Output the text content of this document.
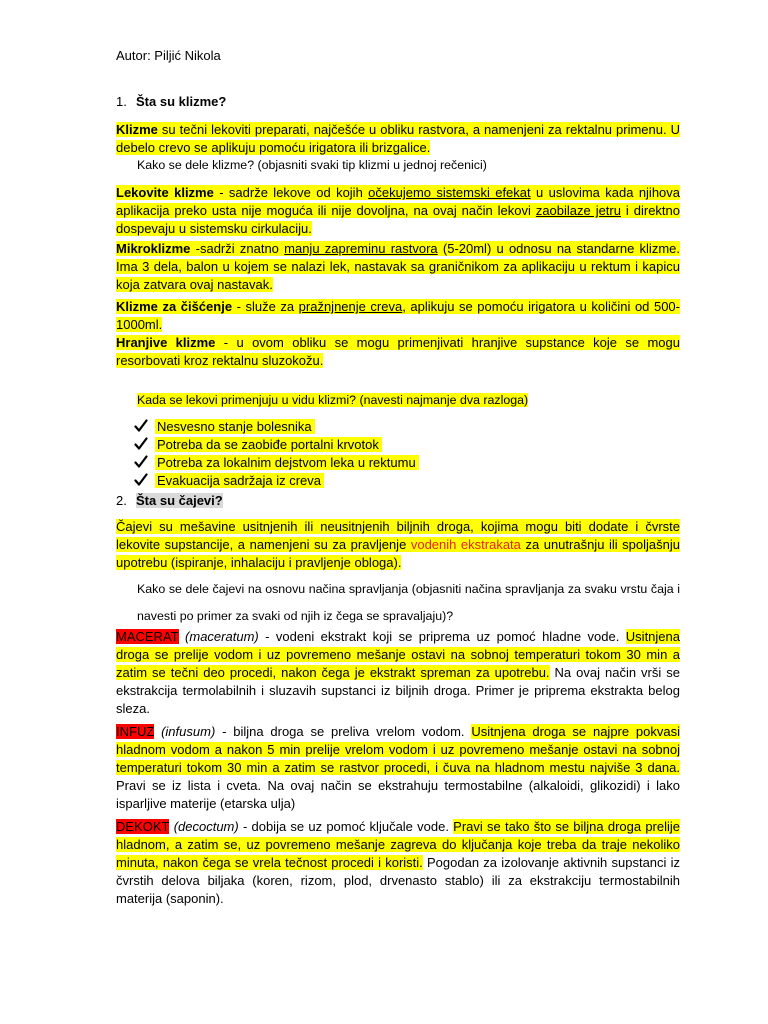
Autor: Piljić Nikola
1. Šta su klizme?
Klizme su tečni lekoviti preparati, najčešće u obliku rastvora, a namenjeni za rektalnu primenu. U debelo crevo se aplikuju pomoću irigatora ili brizgalice.
Kako se dele klizme? (objasniti svaki tip klizmi u jednoj rečenici)
Lekovite klizme - sadrže lekove od kojih očekujemo sistemski efekat u uslovima kada njihova aplikacija preko usta nije moguća ili nije dovoljna, na ovaj način lekovi zaobilaze jetru i direktno dospevaju u sistemsku cirkulaciju.
Mikroklizme -sadrži znatno manju zapreminu rastvora (5-20ml) u odnosu na standarne klizme. Ima 3 dela, balon u kojem se nalazi lek, nastavak sa graničnikom za aplikaciju u rektum i kapicu koja zatvara ovaj nastavak.
Klizme za čišćenje - služe za pražnjnenje creva, aplikuju se pomoću irigatora u količini od 500-1000ml.
Hranjive klizme - u ovom obliku se mogu primenjivati hranjive supstance koje se mogu resorbovati kroz rektalnu sluzokožu.
Kada se lekovi primenjuju u vidu klizmi? (navesti najmanje dva razloga)
Nesvesno stanje bolesnika
Potreba da se zaobiđe portalni krvotok
Potreba za lokalnim dejstvom leka u rektumu
Evakuacija sadržaja iz creva
2. Šta su čajevi?
Čajevi su mešavine usitnjenih ili neusitnjenih biljnih droga, kojima mogu biti dodate i čvrste lekovite supstancije, a namenjeni su za pravljenje vodenih ekstrakata za unutrašnju ili spoljašnju upotrebu (ispiranje, inhalaciju i pravljenje obloga).
Kako se dele čajevi na osnovu načina spravljanja (objasniti načina spravljanja za svaku vrstu čaja i navesti po primer za svaki od njih iz čega se spravaljaju)?
MACERAT (maceratum) - vodeni ekstrakt koji se priprema uz pomoć hladne vode. Usitnjena droga se prelije vodom i uz povremeno mešanje ostavi na sobnoj temperaturi tokom 30 min a zatim se tečni deo procedi, nakon čega je ekstrakt spreman za upotrebu. Na ovaj način vrši se ekstrakcija termolabilnih i sluzavih supstanci iz biljnih droga. Primer je priprema ekstrakta belog sleza.
INFUZ (infusum) - biljna droga se preliva vrelom vodom. Usitnjena droga se najpre pokvasi hladnom vodom a nakon 5 min prelije vrelom vodom i uz povremeno mešanje ostavi na sobnoj temperaturi tokom 30 min a zatim se rastvor procedi, i čuva na hladnom mestu najviše 3 dana. Pravi se iz lista i cveta. Na ovaj način se ekstrahuju termostabilne (alkaloidi, glikozidi) i lako isparljive materije (etarska ulja)
DEKOKT (decoctum) - dobija se uz pomoć ključale vode. Pravi se tako što se biljna droga prelije hladnom, a zatim se, uz povremeno mešanje zagreva do ključanja koje treba da traje nekoliko minuta, nakon čega se vrela tečnost procedi i koristi. Pogodan za izolovanje aktivnih supstanci iz čvrstih delova biljaka (koren, rizom, plod, drvenasto stablo) ili za ekstrakciju termostabilnih materija (saponin).
